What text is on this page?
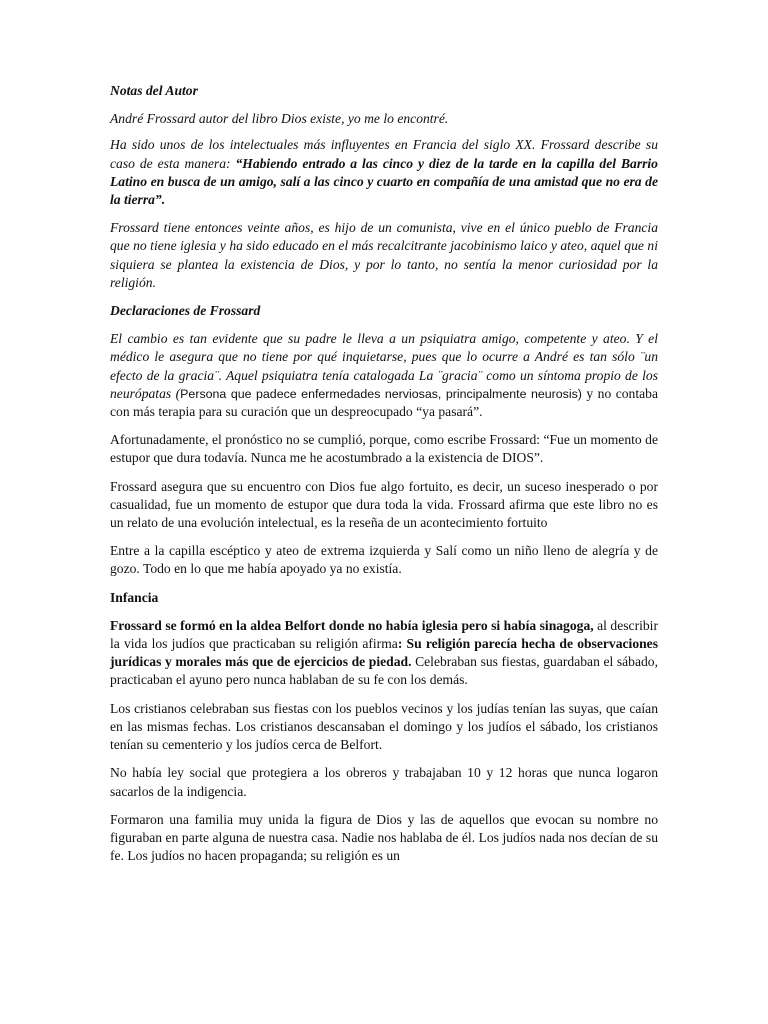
Notas del Autor

André Frossard autor del libro Dios existe, yo me lo encontré.

Ha sido unos de los intelectuales más influyentes en Francia del siglo XX. Frossard describe su caso de esta manera: “Habiendo entrado a las cinco y diez de la tarde en la capilla del Barrio Latino en busca de un amigo, salí a las cinco y cuarto en compañía de una amistad que no era de la tierra”.

Frossard tiene entonces veinte años, es hijo de un comunista, vive en el único pueblo de Francia que no tiene iglesia y ha sido educado en el más recalcitrante jacobinismo laico y ateo, aquel que ni siquiera se plantea la existencia de Dios, y por lo tanto, no sentía la menor curiosidad por la religión.

Declaraciones de Frossard

El cambio es tan evidente que su padre le lleva a un psiquiatra amigo, competente y ateo. Y el médico le asegura que no tiene por qué inquietarse, pues que lo ocurre a André es tan sólo ¨un efecto de la gracia¨. Aquel psiquiatra tenía catalogada La ¨gracia¨ como un síntoma propio de los neurópatas (Persona que padece enfermedades nerviosas, principalmente neurosis) y no contaba con más terapia para su curación que un despreocupado “ya pasará”.

Afortunadamente, el pronóstico no se cumplió, porque, como escribe Frossard: “Fue un momento de estupor que dura todavía. Nunca me he acostumbrado a la existencia de DIOS”.

Frossard asegura que su encuentro con Dios fue algo fortuito, es decir, un suceso inesperado o por casualidad, fue un momento de estupor que dura toda la vida. Frossard afirma que este libro no es un relato de una evolución intelectual, es la reseña de un acontecimiento fortuito

Entre a la capilla escéptico y ateo de extrema izquierda y Salí como un niño lleno de alegría y de gozo. Todo en lo que me había apoyado ya no existía.

Infancia

Frossard se formó en la aldea Belfort donde no había iglesia pero si había sinagoga, al describir la vida los judíos que practicaban su religión afirma: Su religión parecía hecha de observaciones jurídicas y morales más que de ejercicios de piedad. Celebraban sus fiestas, guardaban el sábado, practicaban el ayuno pero nunca hablaban de su fe con los demás.

Los cristianos celebraban sus fiestas con los pueblos vecinos y los judías tenían las suyas, que caían en las mismas fechas. Los cristianos descansaban el domingo y los judíos el sábado, los cristianos tenían su cementerio y los judíos cerca de Belfort.

No había ley social que protegiera a los obreros y trabajaban 10 y 12 horas que nunca logaron sacarlos de la indigencia.

Formaron una familia muy unida la figura de Dios y las de aquellos que evocan su nombre no figuraban en parte alguna de nuestra casa. Nadie nos hablaba de él. Los judíos nada nos decían de su fe. Los judíos no hacen propaganda; su religión es un
